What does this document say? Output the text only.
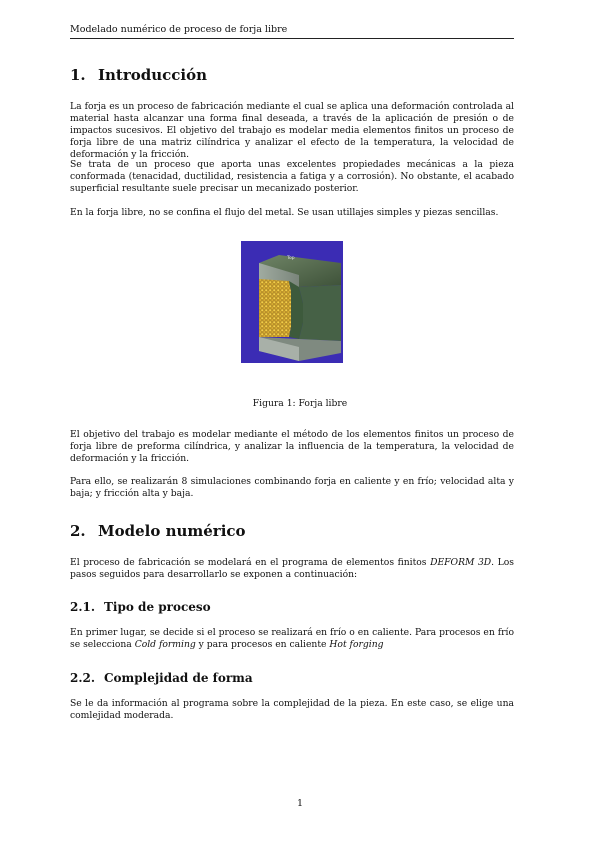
Modelado numérico de proceso de forja libre
1. Introducción
La forja es un proceso de fabricación mediante el cual se aplica una deformación controlada al material hasta alcanzar una forma final deseada, a través de la aplicación de presión o de impactos sucesivos. El objetivo del trabajo es modelar media elementos finitos un proceso de forja libre de una matriz cilíndrica y analizar el efecto de la temperatura, la velocidad de deformación y la fricción.
Se trata de un proceso que aporta unas excelentes propiedades mecánicas a la pieza conformada (tenacidad, ductilidad, resistencia a fatiga y a corrosión). No obstante, el acabado superficial resultante suele precisar un mecanizado posterior.
En la forja libre, no se confina el flujo del metal. Se usan utillajes simples y piezas sencillas.
Top
Figura 1: Forja libre
El objetivo del trabajo es modelar mediante el método de los elementos finitos un proceso de forja libre de preforma cilíndrica, y analizar la influencia de la temperatura, la velocidad de deformación y la fricción.
Para ello, se realizarán 8 simulaciones combinando forja en caliente y en frío; velocidad alta y baja; y fricción alta y baja.
2. Modelo numérico
El proceso de fabricación se modelará en el programa de elementos finitos DEFORM 3D. Los pasos seguidos para desarrollarlo se exponen a continuación:
2.1. Tipo de proceso
En primer lugar, se decide si el proceso se realizará en frío o en caliente. Para procesos en frío se selecciona Cold forming y para procesos en caliente Hot forging
2.2. Complejidad de forma
Se le da información al programa sobre la complejidad de la pieza. En este caso, se elige una comlejidad moderada.
1
